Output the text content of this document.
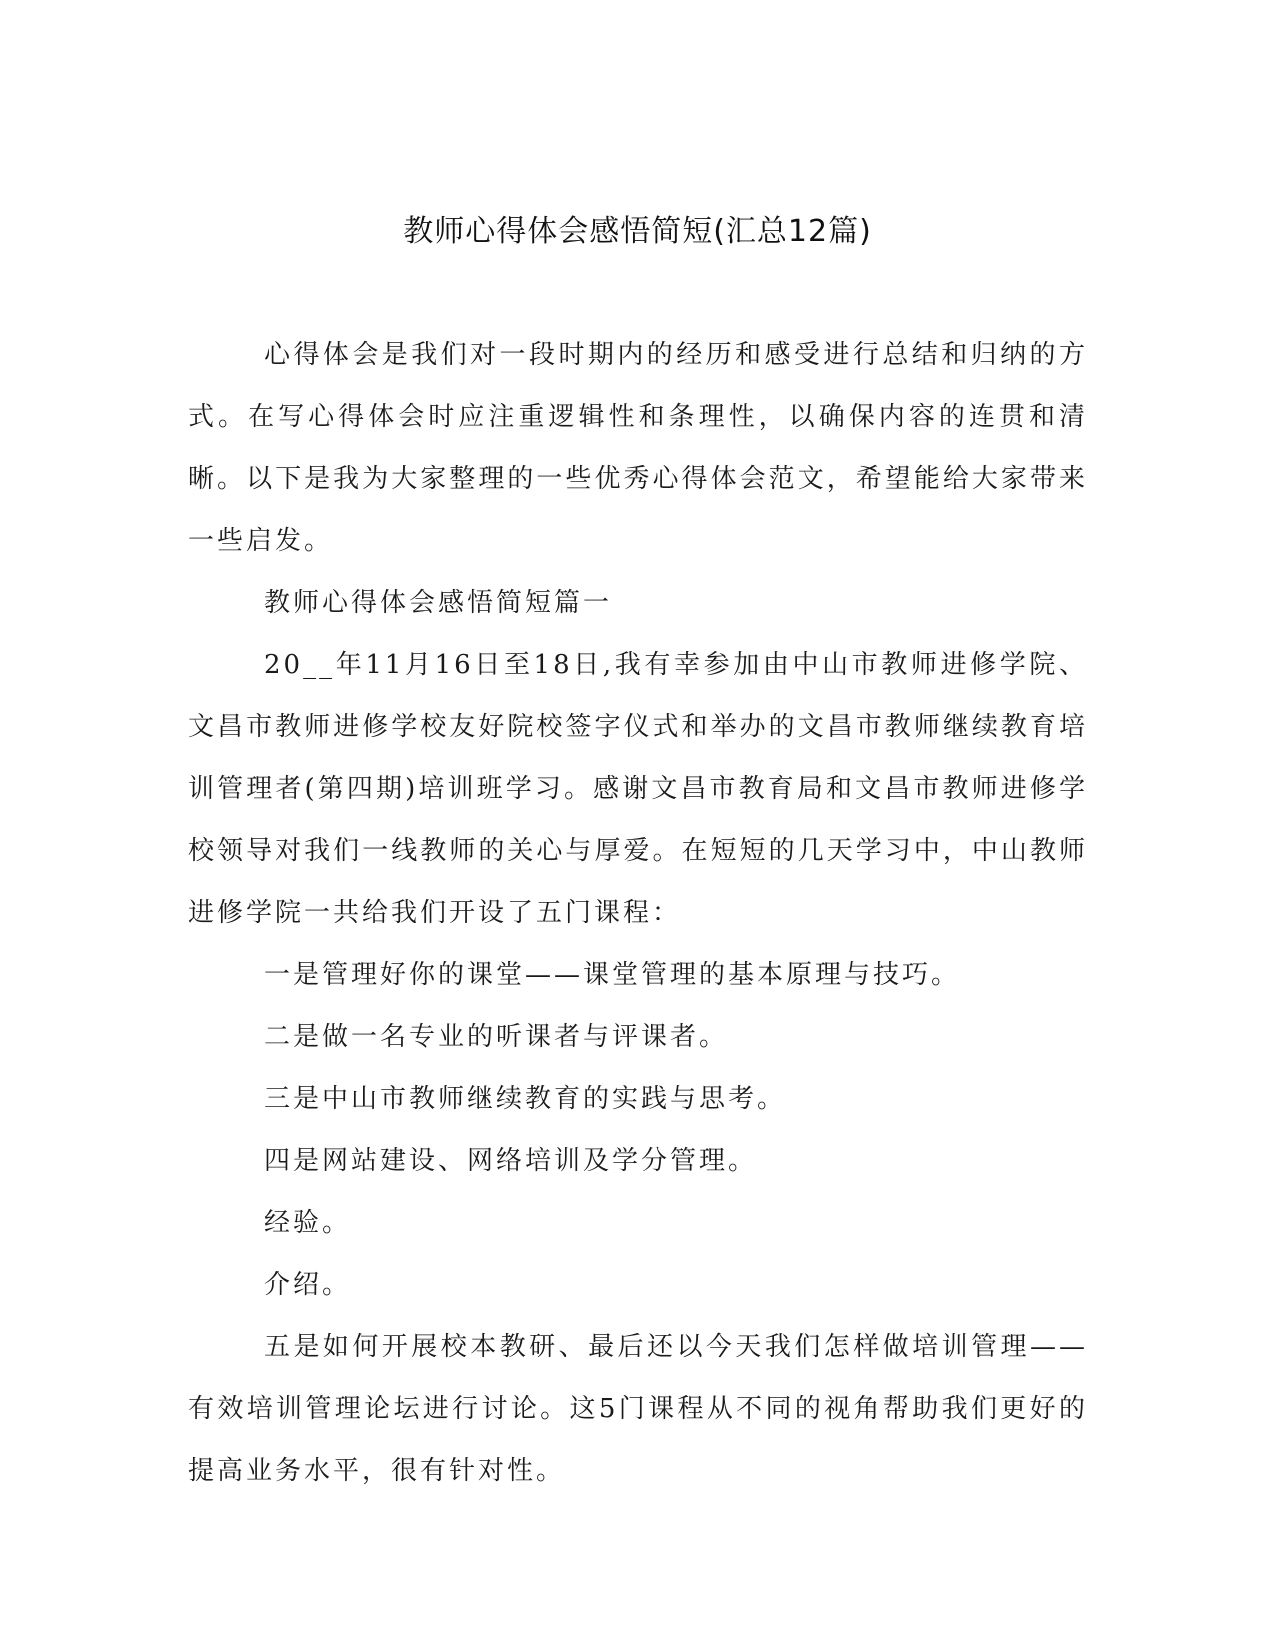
教师心得体会感悟简短(汇总12篇)

心得体会是我们对一段时期内的经历和感受进行总结和归纳的方式。在写心得体会时应注重逻辑性和条理性，以确保内容的连贯和清晰。以下是我为大家整理的一些优秀心得体会范文，希望能给大家带来一些启发。

教师心得体会感悟简短篇一

20__年11月16日至18日,我有幸参加由中山市教师进修学院、文昌市教师进修学校友好院校签字仪式和举办的文昌市教师继续教育培训管理者(第四期)培训班学习。感谢文昌市教育局和文昌市教师进修学校领导对我们一线教师的关心与厚爱。在短短的几天学习中，中山教师进修学院一共给我们开设了五门课程：

一是管理好你的课堂——课堂管理的基本原理与技巧。

二是做一名专业的听课者与评课者。

三是中山市教师继续教育的实践与思考。

四是网站建设、网络培训及学分管理。

经验。

介绍。

五是如何开展校本教研、最后还以今天我们怎样做培训管理——有效培训管理论坛进行讨论。这5门课程从不同的视角帮助我们更好的提高业务水平，很有针对性。
